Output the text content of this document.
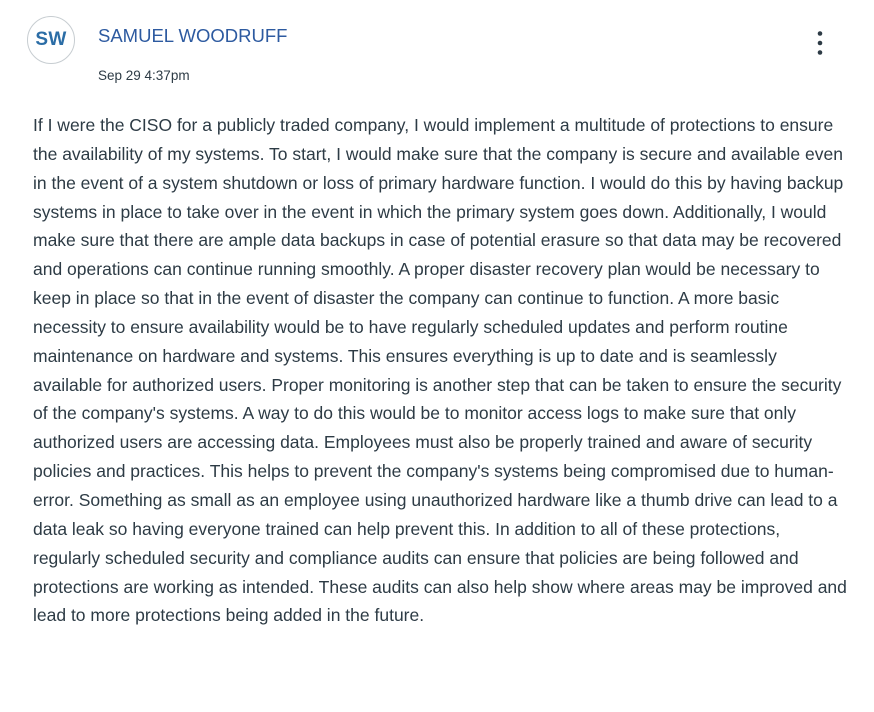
SW SAMUEL WOODRUFF
Sep 29 4:37pm

If I were the CISO for a publicly traded company, I would implement a multitude of protections to ensure the availability of my systems. To start, I would make sure that the company is secure and available even in the event of a system shutdown or loss of primary hardware function. I would do this by having backup systems in place to take over in the event in which the primary system goes down. Additionally, I would make sure that there are ample data backups in case of potential erasure so that data may be recovered and operations can continue running smoothly. A proper disaster recovery plan would be necessary to keep in place so that in the event of disaster the company can continue to function. A more basic necessity to ensure availability would be to have regularly scheduled updates and perform routine maintenance on hardware and systems. This ensures everything is up to date and is seamlessly available for authorized users. Proper monitoring is another step that can be taken to ensure the security of the company's systems. A way to do this would be to monitor access logs to make sure that only authorized users are accessing data. Employees must also be properly trained and aware of security policies and practices. This helps to prevent the company's systems being compromised due to human-error. Something as small as an employee using unauthorized hardware like a thumb drive can lead to a data leak so having everyone trained can help prevent this. In addition to all of these protections, regularly scheduled security and compliance audits can ensure that policies are being followed and protections are working as intended. These audits can also help show where areas may be improved and lead to more protections being added in the future.
